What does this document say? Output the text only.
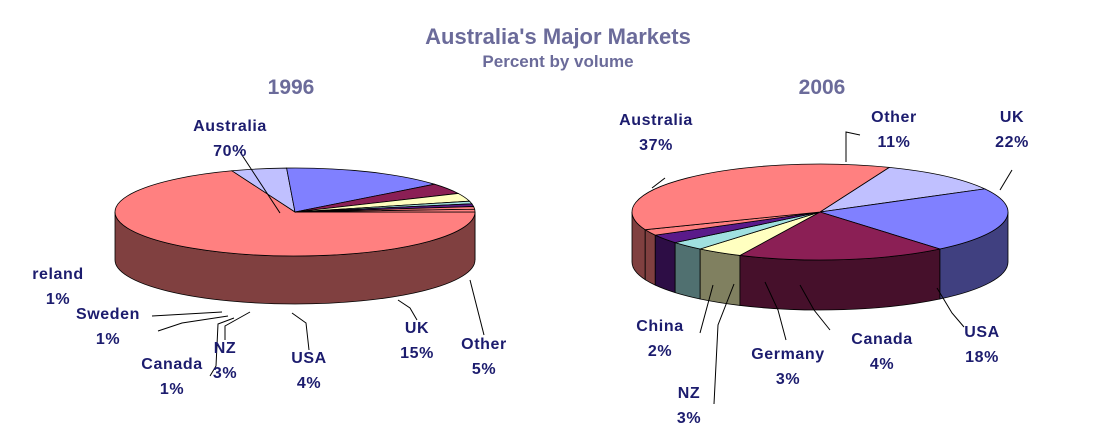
Australia's Major Markets
Percent by volume
1996	2006
Australia
70%
Other
5%
UK
15%
USA
4%
NZ
3%
Canada
1%
Sweden
1%
reland
1%
Other
11%
UK
22%
USA
18%
Canada
4%
Germany
3%
NZ
3%
China
2%
Australia
37%
